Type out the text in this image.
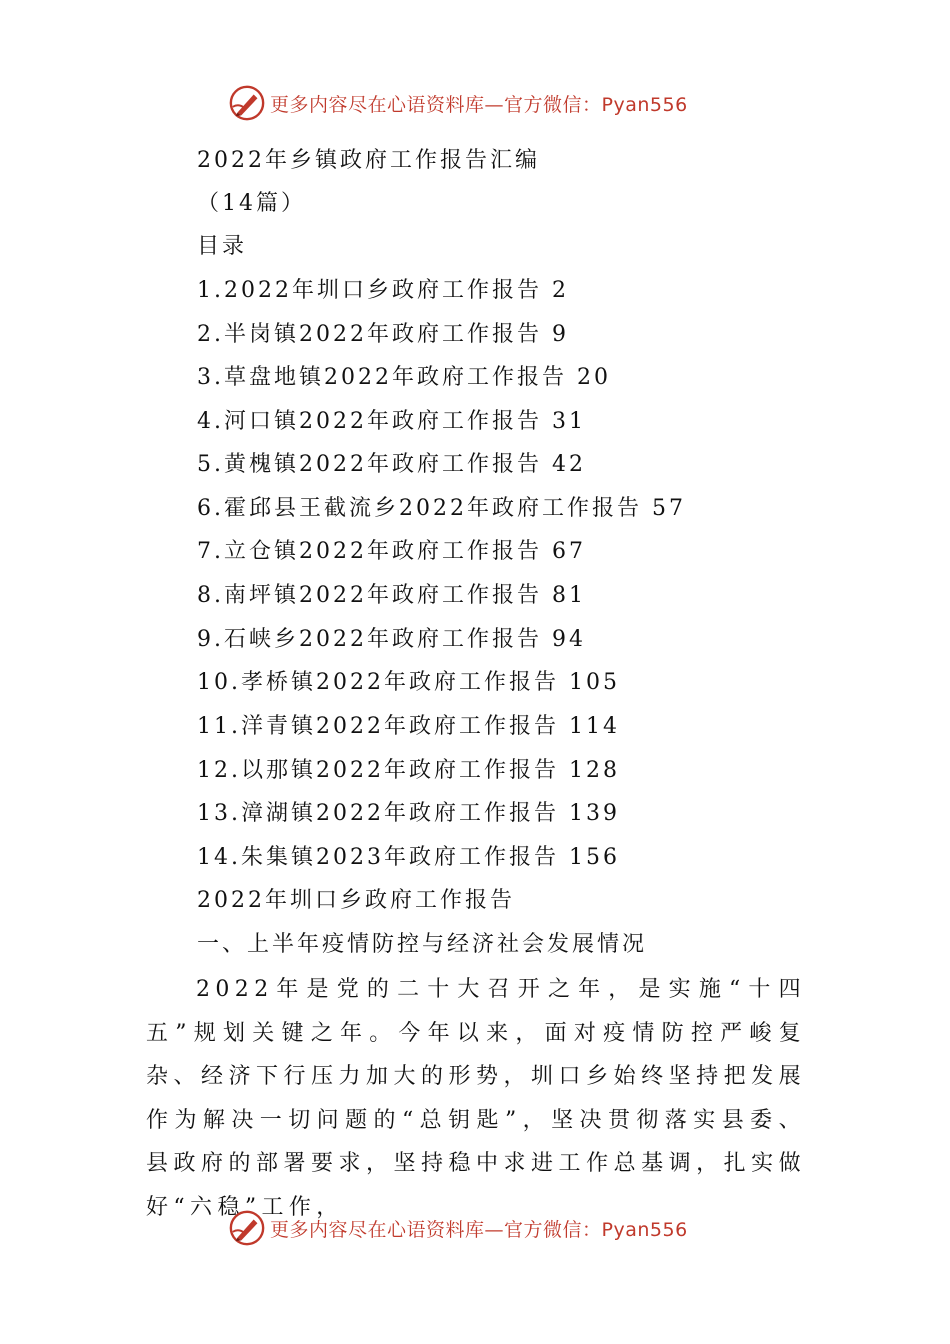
更多内容尽在心语资料库—官方微信：Pyan556
2022年乡镇政府工作报告汇编
（14篇）
目录
1.2022年圳口乡政府工作报告 2
2.半岗镇2022年政府工作报告 9
3.草盘地镇2022年政府工作报告 20
4.河口镇2022年政府工作报告 31
5.黄槐镇2022年政府工作报告 42
6.霍邱县王截流乡2022年政府工作报告 57
7.立仓镇2022年政府工作报告 67
8.南坪镇2022年政府工作报告 81
9.石峡乡2022年政府工作报告 94
10.孝桥镇2022年政府工作报告 105
11.洋青镇2022年政府工作报告 114
12.以那镇2022年政府工作报告 128
13.漳湖镇2022年政府工作报告 139
14.朱集镇2023年政府工作报告 156
2022年圳口乡政府工作报告
一、上半年疫情防控与经济社会发展情况
2022年是党的二十大召开之年，是实施“十四五”规划关键之年。今年以来，面对疫情防控严峻复杂、经济下行压力加大的形势，圳口乡始终坚持把发展作为解决一切问题的“总钥匙”，坚决贯彻落实县委、县政府的部署要求，坚持稳中求进工作总基调，扎实做好“六稳”工作，
更多内容尽在心语资料库—官方微信：Pyan556
